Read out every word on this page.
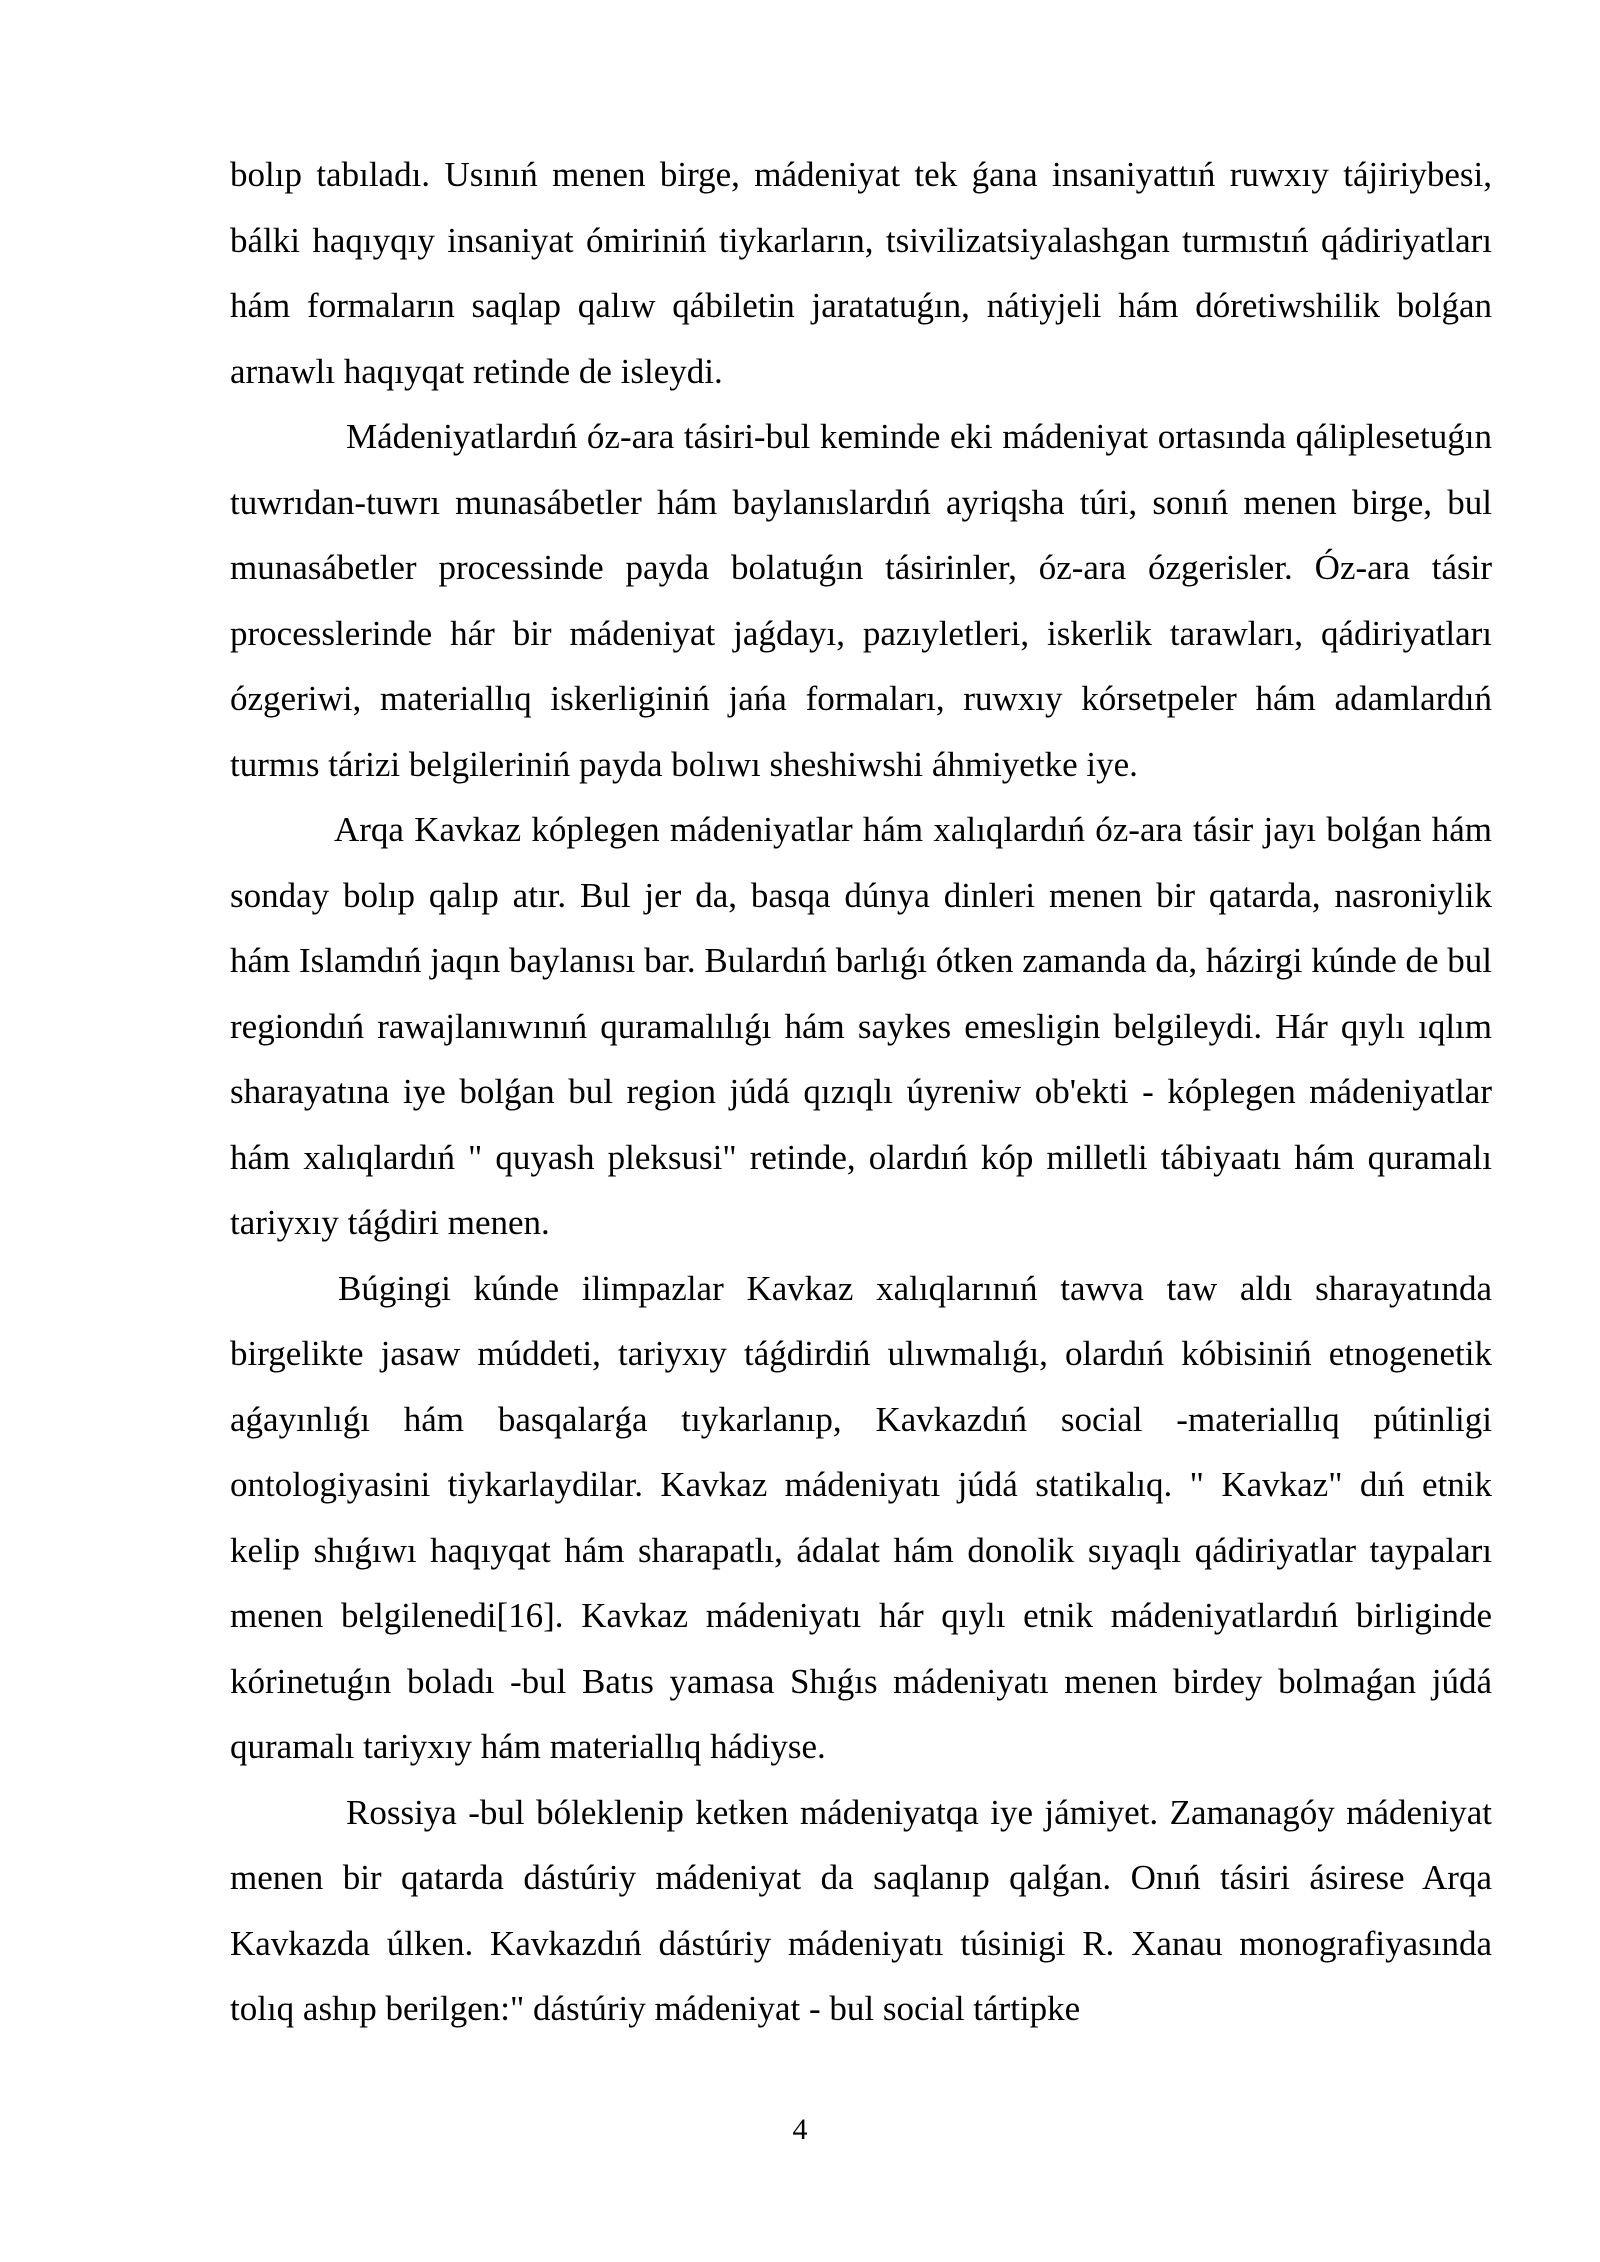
bolıp tabıladı. Usınıń menen birge, mádeniyat tek ǵana insaniyattıń ruwxıy tájiriybesi, bálki haqıyqıy insaniyat ómiriniń tiykarların, tsivilizatsiyalashgan turmıstıń qádiriyatları hám formaların saqlap qalıw qábiletin jaratatuǵın, nátiyjeli hám dóretiwshilik bolǵan arnawlı haqıyqat retinde de isleydi.

Mádeniyatlardıń óz-ara tásiri-bul keminde eki mádeniyat ortasında qáliplesetuǵın tuwrıdan-tuwrı munasábetler hám baylanıslardıń ayriqsha túri, sonıń menen birge, bul munasábetler processinde payda bolatuǵın tásirinler, óz-ara ózgerisler. Óz-ara tásir processlerinde hár bir mádeniyat jaǵdayı, pazıyletleri, iskerlik tarawları, qádiriyatları ózgeriwi, materiallıq iskerliginiń jańa formaları, ruwxıy kórsetpeler hám adamlardıń turmıs tárizi belgileriniń payda bolıwı sheshiwshi áhmiyetke iye.

Arqa Kavkaz kóplegen mádeniyatlar hám xalıqlardıń óz-ara tásir jayı bolǵan hám sonday bolıp qalıp atır. Bul jer da, basqa dúnya dinleri menen bir qatarda, nasroniylik hám Islamdıń jaqın baylanısı bar. Bulardıń barlıǵı ótken zamanda da, házirgi kúnde de bul regiondıń rawajlanıwınıń quramalılıǵı hám saykes emesligin belgileydi. Hár qıylı ıqlım sharayatına iye bolǵan bul region júdá qızıqlı úyreniw ob'ekti - kóplegen mádeniyatlar hám xalıqlardıń " quyash pleksusi" retinde, olardıń kóp milletli tábiyaatı hám quramalı tariyxıy táǵdiri menen.

Búgingi kúnde ilimpazlar Kavkaz xalıqlarınıń tawva taw aldı sharayatında birgelikte jasaw múddeti, tariyxıy táǵdirdiń ulıwmalıǵı, olardıń kóbisiniń etnogenetik aǵayınlıǵı hám basqalarǵa tıykarlanıp, Kavkazdıń social -materiallıq pútinligi ontologiyasini tiykarlaydilar. Kavkaz mádeniyatı júdá statikalıq. " Kavkaz" dıń etnik kelip shıǵıwı haqıyqat hám sharapatlı, ádalat hám donolik sıyaqlı qádiriyatlar taypaları menen belgilenedi[16]. Kavkaz mádeniyatı hár qıylı etnik mádeniyatlardıń birliginde kórinetuǵın boladı -bul Batıs yamasa Shıǵıs mádeniyatı menen birdey bolmaǵan júdá quramalı tariyxıy hám materiallıq hádiyse.

Rossiya -bul bóleklenip ketken mádeniyatqa iye jámiyet. Zamanagóy mádeniyat menen bir qatarda dástúriy mádeniyat da saqlanıp qalǵan. Onıń tásiri ásirese Arqa Kavkazda úlken. Kavkazdıń dástúriy mádeniyatı túsinigi R. Xanau monografiyasında tolıq ashıp berilgen:" dástúriy mádeniyat - bul social tártipke

4
